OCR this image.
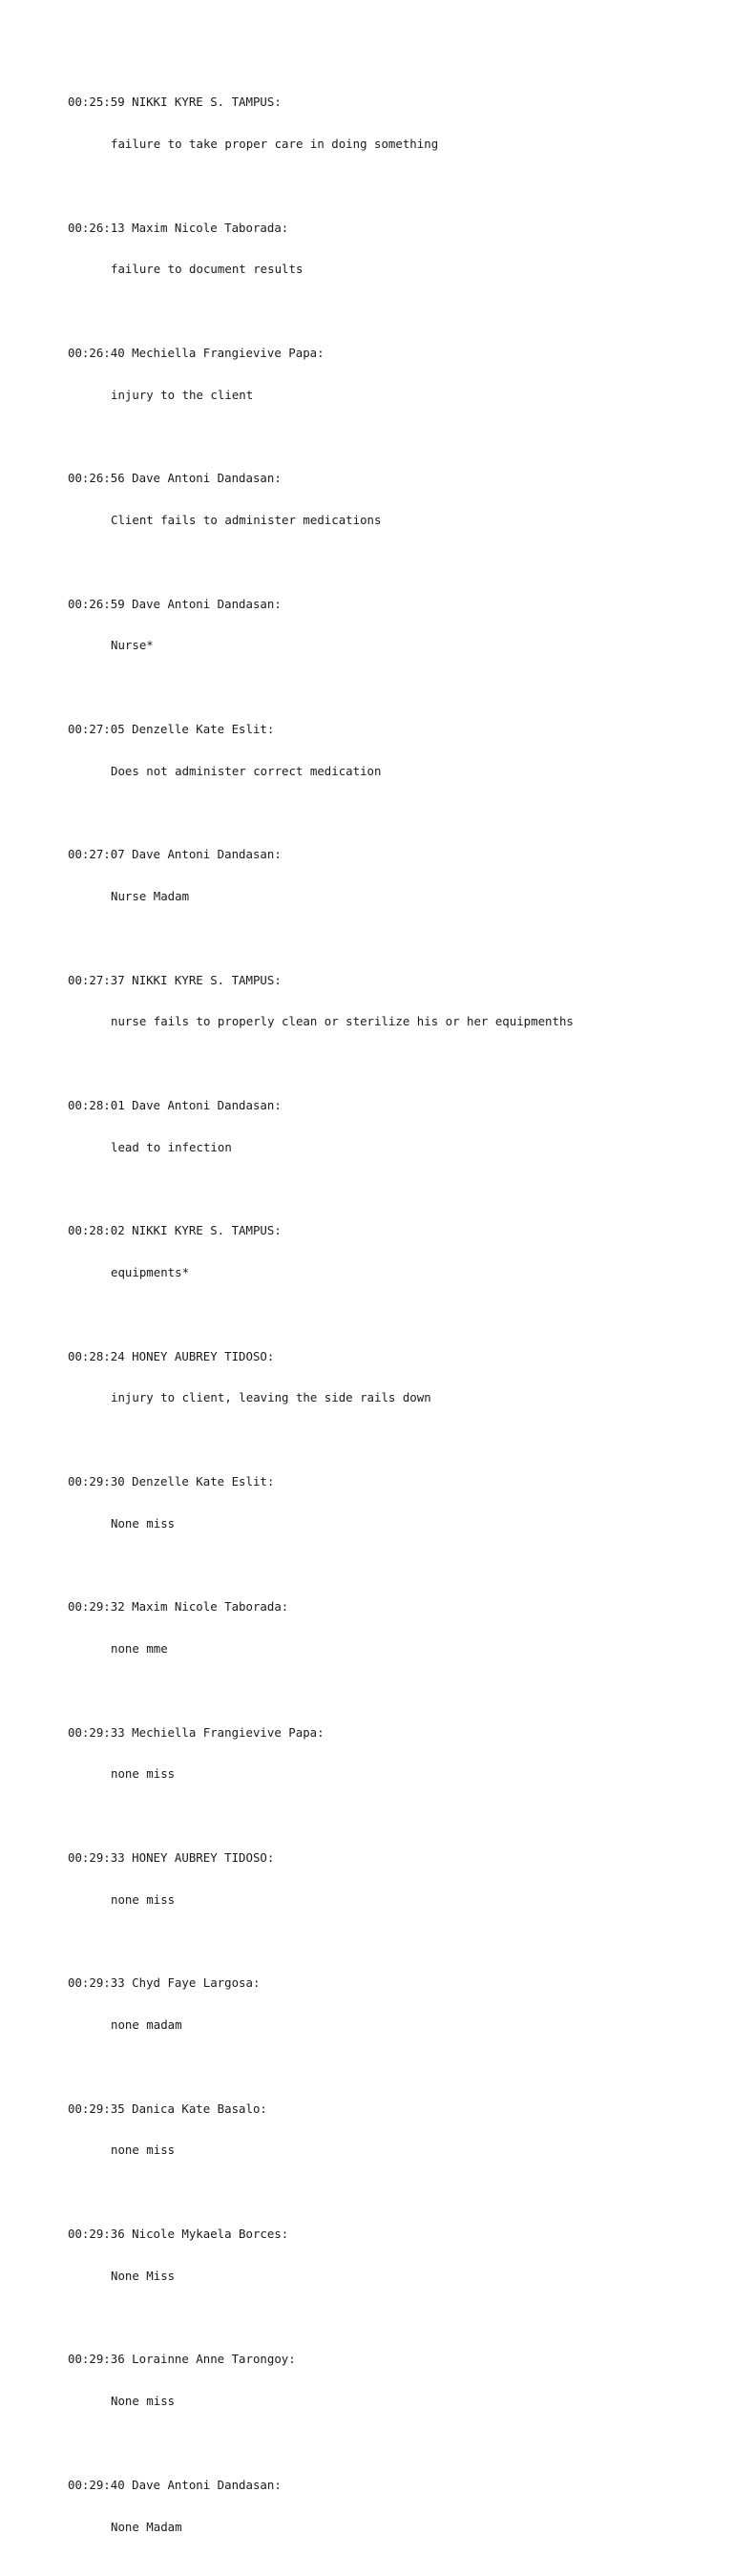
00:25:59 NIKKI KYRE S. TAMPUS:

failure to take proper care in doing something

00:26:13 Maxim Nicole Taborada:

failure to document results

00:26:40 Mechiella Frangievive Papa:

injury to the client

00:26:56 Dave Antoni Dandasan:

Client fails to administer medications

00:26:59 Dave Antoni Dandasan:

Nurse*

00:27:05 Denzelle Kate Eslit:

Does not administer correct medication

00:27:07 Dave Antoni Dandasan:

Nurse Madam

00:27:37 NIKKI KYRE S. TAMPUS:

nurse fails to properly clean or sterilize his or her equipmenths

00:28:01 Dave Antoni Dandasan:

lead to infection

00:28:02 NIKKI KYRE S. TAMPUS:

equipments*

00:28:24 HONEY AUBREY TIDOSO:

injury to client, leaving the side rails down

00:29:30 Denzelle Kate Eslit:

None miss

00:29:32 Maxim Nicole Taborada:

none mme

00:29:33 Mechiella Frangievive Papa:

none miss

00:29:33 HONEY AUBREY TIDOSO:

none miss

00:29:33 Chyd Faye Largosa:

none madam

00:29:35 Danica Kate Basalo:

none miss

00:29:36 Nicole Mykaela Borces:

None Miss

00:29:36 Lorainne Anne Tarongoy:

None miss

00:29:40 Dave Antoni Dandasan:

None Madam
